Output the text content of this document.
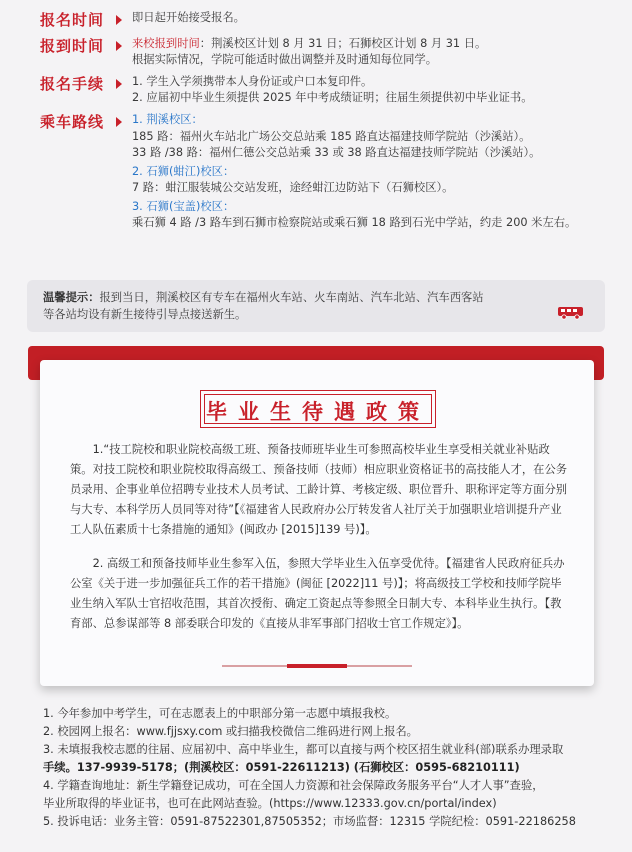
报名时间	即日起开始接受报名。
报到时间	来校报到时间：荆溪校区计划 8 月 31 日；石狮校区计划 8 月 31 日。
根据实际情况，学院可能适时做出调整并及时通知每位同学。
报名手续	1. 学生入学须携带本人身份证或户口本复印件。
2. 应届初中毕业生须提供 2025 年中考成绩证明；往届生须提供初中毕业证书。
乘车路线	1. 荆溪校区：
185 路：福州火车站北广场公交总站乘 185 路直达福建技师学院站（沙溪站）。
33 路 /38 路：福州仁德公交总站乘 33 或 38 路直达福建技师学院站（沙溪站）。
2. 石狮(蚶江)校区：
7 路：蚶江服装城公交站发班，途经蚶江边防站下（石狮校区）。
3. 石狮(宝盖)校区：
乘石狮 4 路 /3 路车到石狮市检察院站或乘石狮 18 路到石光中学站，约走 200 米左右。
温馨提示：报到当日，荆溪校区有专车在福州火车站、火车南站、汽车北站、汽车西客站
等各站均设有新生接待引导点接送新生。
毕业生待遇政策
1.“技工院校和职业院校高级工班、预备技师班毕业生可参照高校毕业生享受相关就业补贴政策。对技工院校和职业院校取得高级工、预备技师（技师）相应职业资格证书的高技能人才，在公务员录用、企事业单位招聘专业技术人员考试、工龄计算、考核定级、职位晋升、职称评定等方面分别与大专、本科学历人员同等对待”【《福建省人民政府办公厅转发省人社厅关于加强职业培训提升产业工人队伍素质十七条措施的通知》(闽政办 [2015]139 号)】。
2. 高级工和预备技师毕业生参军入伍，参照大学毕业生入伍享受优待。【福建省人民政府征兵办公室《关于进一步加强征兵工作的若干措施》(闽征 [2022]11 号)】；将高级技工学校和技师学院毕业生纳入军队士官招收范围，其首次授衔、确定工资起点等参照全日制大专、本科毕业生执行。【教育部、总参谋部等 8 部委联合印发的《直接从非军事部门招收士官工作规定》】。
1. 今年参加中考学生，可在志愿表上的中职部分第一志愿中填报我校。
2. 校园网上报名：www.fjjsxy.com 或扫描我校微信二维码进行网上报名。
3. 未填报我校志愿的往届、应届初中、高中毕业生，都可以直接与两个校区招生就业科(部)联系办理录取
手续。137-9939-5178；(荆溪校区：0591-22611213) (石狮校区：0595-68210111)
4. 学籍查询地址：新生学籍登记成功，可在全国人力资源和社会保障政务服务平台“人才人事”查验，
毕业所取得的毕业证书，也可在此网站查验。(https://www.12333.gov.cn/portal/index)
5. 投诉电话：业务主管：0591-87522301,87505352；市场监督：12315 学院纪检：0591-22186258
